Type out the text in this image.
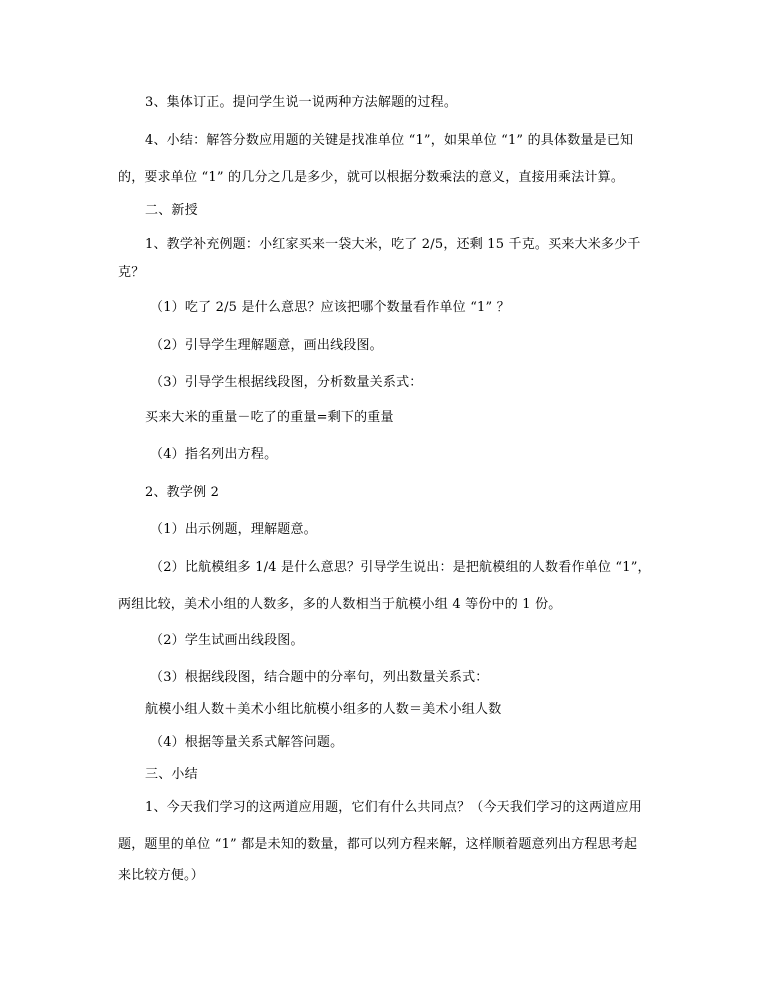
3、集体订正。提问学生说一说两种方法解题的过程。
4、小结：解答分数应用题的关键是找准单位 “1”，如果单位 “1” 的具体数量是已知
的，要求单位 “1” 的几分之几是多少，就可以根据分数乘法的意义，直接用乘法计算。
二、新授
1、教学补充例题：小红家买来一袋大米，吃了 2/5，还剩 15 千克。买来大米多少千
克？
（1）吃了 2/5 是什么意思？应该把哪个数量看作单位 “1” ？
（2）引导学生理解题意，画出线段图。
（3）引导学生根据线段图，分析数量关系式：
买来大米的重量－吃了的重量=剩下的重量
（4）指名列出方程。
2、教学例 2
（1）出示例题，理解题意。
（2）比航模组多 1/4 是什么意思？引导学生说出：是把航模组的人数看作单位 “1”，
两组比较，美术小组的人数多，多的人数相当于航模小组 4 等份中的 1 份。
（2）学生试画出线段图。
（3）根据线段图，结合题中的分率句，列出数量关系式：
航模小组人数＋美术小组比航模小组多的人数＝美术小组人数
（4）根据等量关系式解答问题。
三、小结
1、今天我们学习的这两道应用题，它们有什么共同点？（今天我们学习的这两道应用
题，题里的单位 “1” 都是未知的数量，都可以列方程来解，这样顺着题意列出方程思考起
来比较方便。）
